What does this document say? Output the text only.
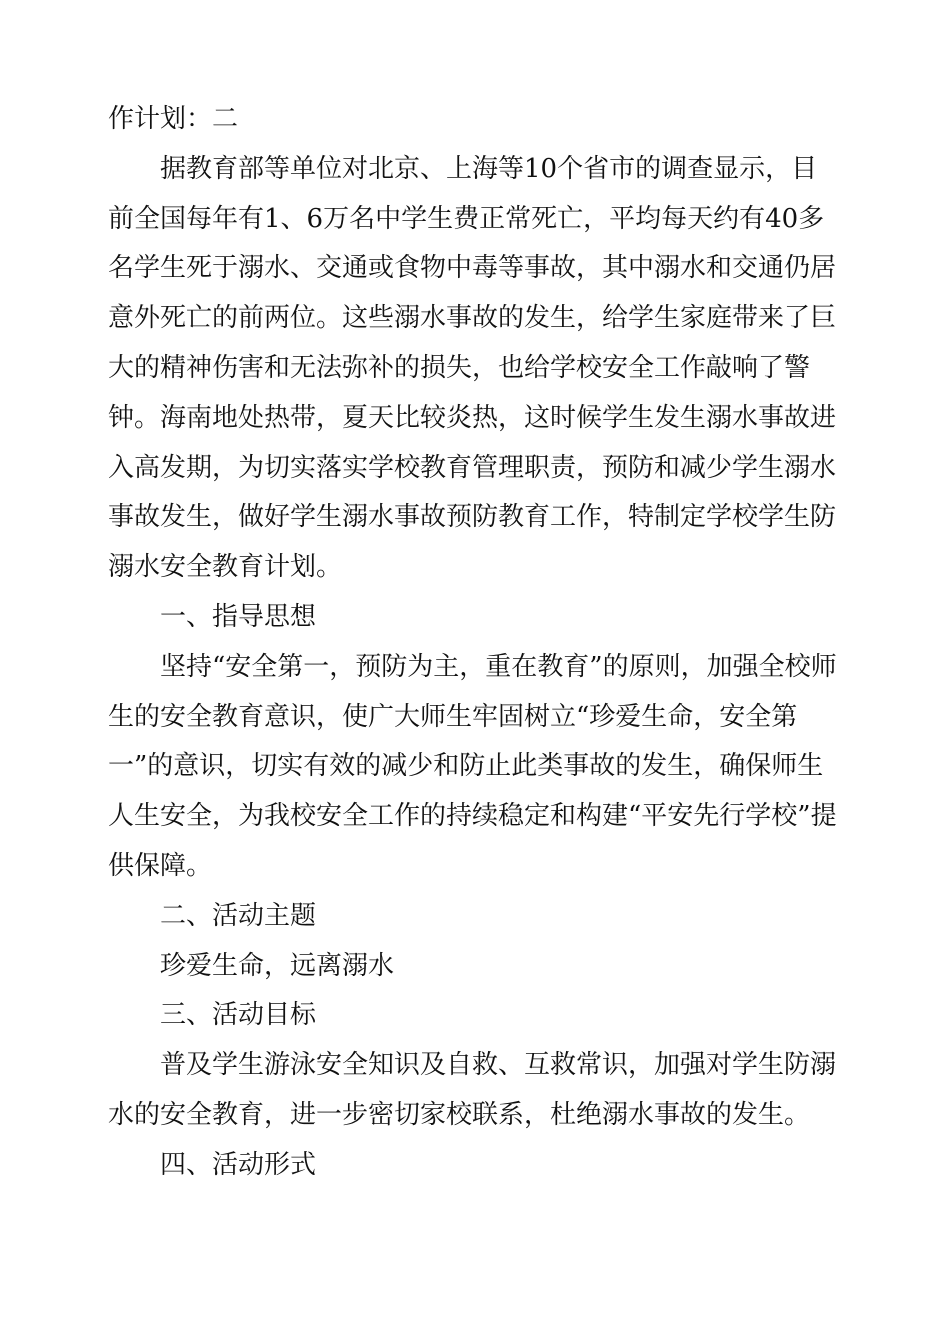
作计划：二

据教育部等单位对北京、上海等10个省市的调查显示，目前全国每年有1、6万名中学生费正常死亡，平均每天约有40多名学生死于溺水、交通或食物中毒等事故，其中溺水和交通仍居意外死亡的前两位。这些溺水事故的发生，给学生家庭带来了巨大的精神伤害和无法弥补的损失，也给学校安全工作敲响了警钟。海南地处热带，夏天比较炎热，这时候学生发生溺水事故进入高发期，为切实落实学校教育管理职责，预防和减少学生溺水事故发生，做好学生溺水事故预防教育工作，特制定学校学生防溺水安全教育计划。

一、指导思想

坚持“安全第一，预防为主，重在教育”的原则，加强全校师生的安全教育意识，使广大师生牢固树立“珍爱生命，安全第一”的意识，切实有效的减少和防止此类事故的发生，确保师生人生安全，为我校安全工作的持续稳定和构建“平安先行学校”提供保障。

二、活动主题

珍爱生命，远离溺水

三、活动目标

普及学生游泳安全知识及自救、互救常识，加强对学生防溺水的安全教育，进一步密切家校联系，杜绝溺水事故的发生。

四、活动形式
